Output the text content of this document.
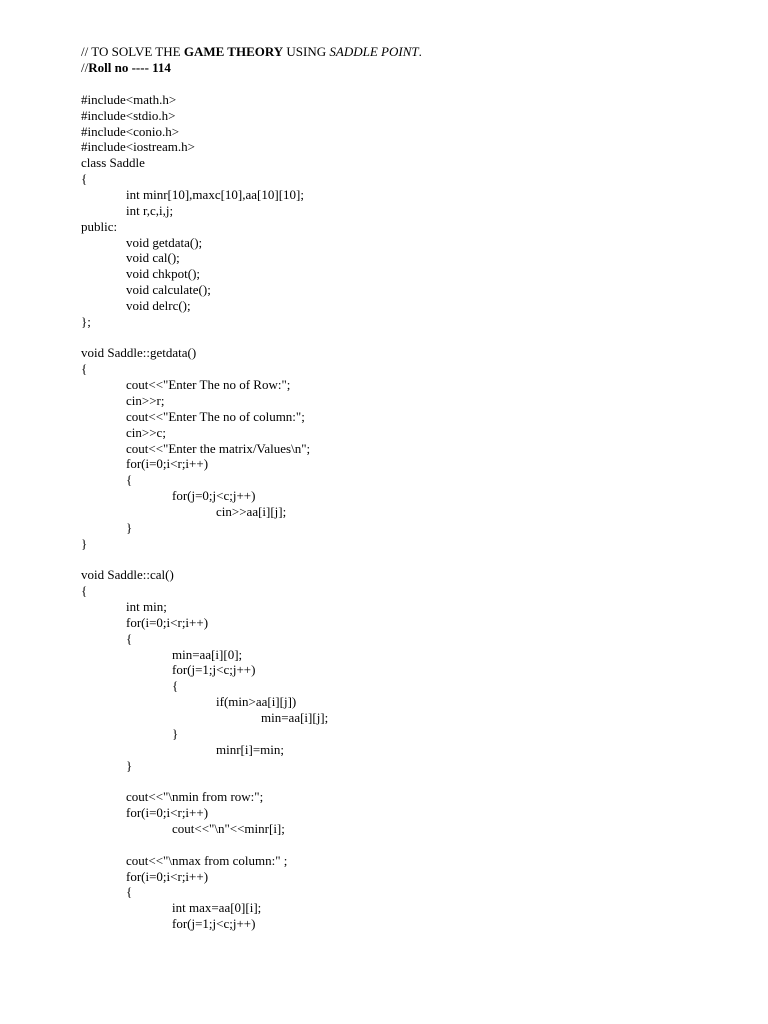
// TO SOLVE THE GAME THEORY USING SADDLE POINT.
//Roll no ---- 114
#include<math.h>
#include<stdio.h>
#include<conio.h>
#include<iostream.h>
class Saddle
{
int minr[10],maxc[10],aa[10][10];
int r,c,i,j;
public:
void getdata();
void cal();
void chkpot();
void calculate();
void delrc();
};
void Saddle::getdata()
{
cout<<"Enter The no of Row:";
cin>>r;
cout<<"Enter The no of column:";
cin>>c;
cout<<"Enter the matrix/Values\n";
for(i=0;i<r;i++)
{
for(j=0;j<c;j++)
cin>>aa[i][j];
}
}
void Saddle::cal()
{
int min;
for(i=0;i<r;i++)
{
min=aa[i][0];
for(j=1;j<c;j++)
{
if(min>aa[i][j])
min=aa[i][j];
}
minr[i]=min;
}
cout<<"\nmin from row:";
for(i=0;i<r;i++)
cout<<"\n"<<minr[i];
cout<<"\nmax from column:" ;
for(i=0;i<r;i++)
{
int max=aa[0][i];
for(j=1;j<c;j++)
